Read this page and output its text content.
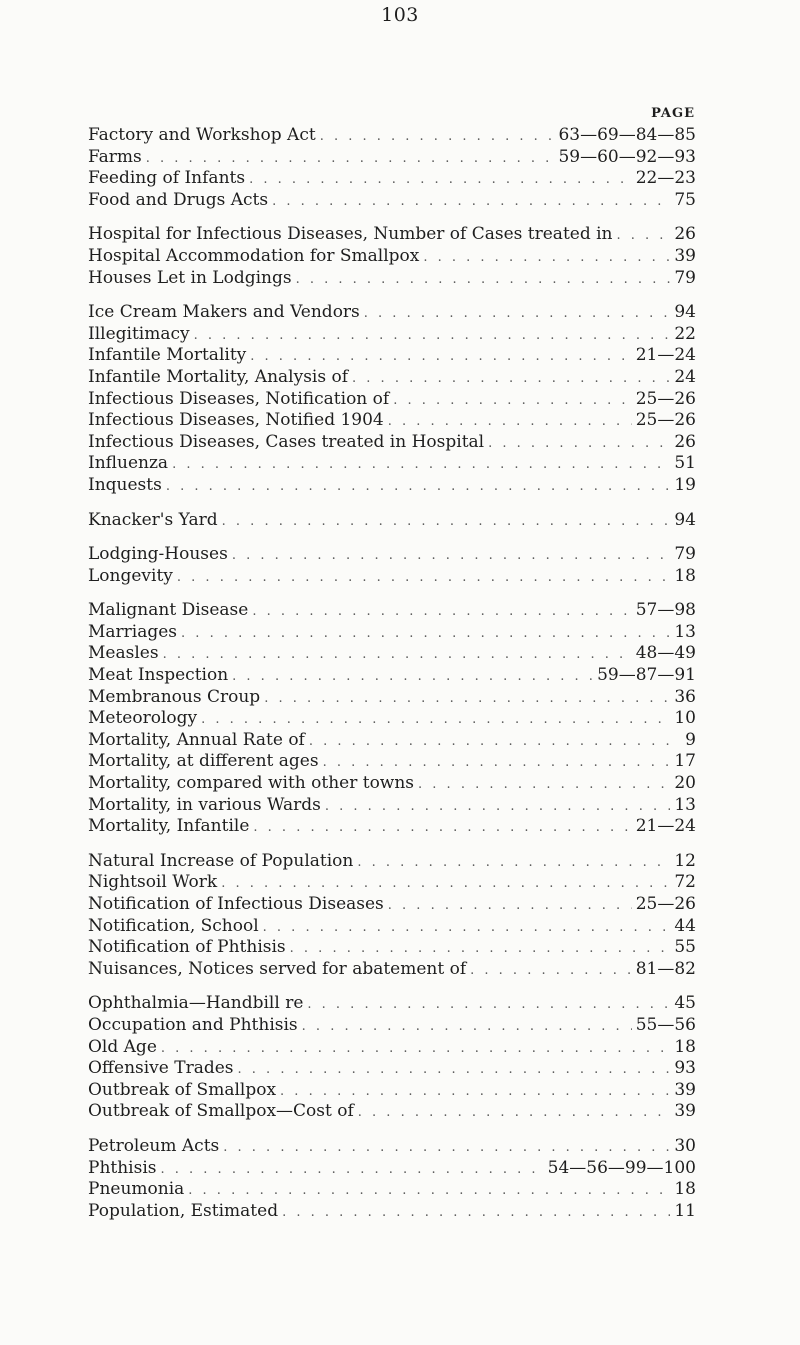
103
PAGE
Factory and Workshop Act . . .	63—69—84—85
Farms . . .	59—60—92—93
Feeding of Infants . . .	22—23
Food and Drugs Acts . . .	75
Hospital for Infectious Diseases, Number of Cases treated in . . .	26
Hospital Accommodation for Smallpox . . .	39
Houses Let in Lodgings . . .	79
Ice Cream Makers and Vendors . . .	94
Illegitimacy . . .	22
Infantile Mortality . . .	21—24
Infantile Mortality, Analysis of . . .	24
Infectious Diseases, Notification of . . .	25—26
Infectious Diseases, Notified 1904 . . .	25—26
Infectious Diseases, Cases treated in Hospital . . .	26
Influenza . . .	51
Inquests . . .	19
Knacker's Yard . . .	94
Lodging-Houses . . .	79
Longevity . . .	18
Malignant Disease . . .	57—98
Marriages . . .	13
Measles . . .	48—49
Meat Inspection . . .	59—87—91
Membranous Croup . . .	36
Meteorology . . .	10
Mortality, Annual Rate of . . .	9
Mortality, at different ages . . .	17
Mortality, compared with other towns . . .	20
Mortality, in various Wards . . .	13
Mortality, Infantile . . .	21—24
Natural Increase of Population . . .	12
Nightsoil Work . . .	72
Notification of Infectious Diseases . . .	25—26
Notification, School . . .	44
Notification of Phthisis . . .	55
Nuisances, Notices served for abatement of . . .	81—82
Ophthalmia—Handbill re . . .	45
Occupation and Phthisis . . .	55—56
Old Age . . .	18
Offensive Trades . . .	93
Outbreak of Smallpox . . .	39
Outbreak of Smallpox—Cost of . . .	39
Petroleum Acts . . .	30
Phthisis . . .	54—56—99—100
Pneumonia . . .	18
Population, Estimated . . .	11
